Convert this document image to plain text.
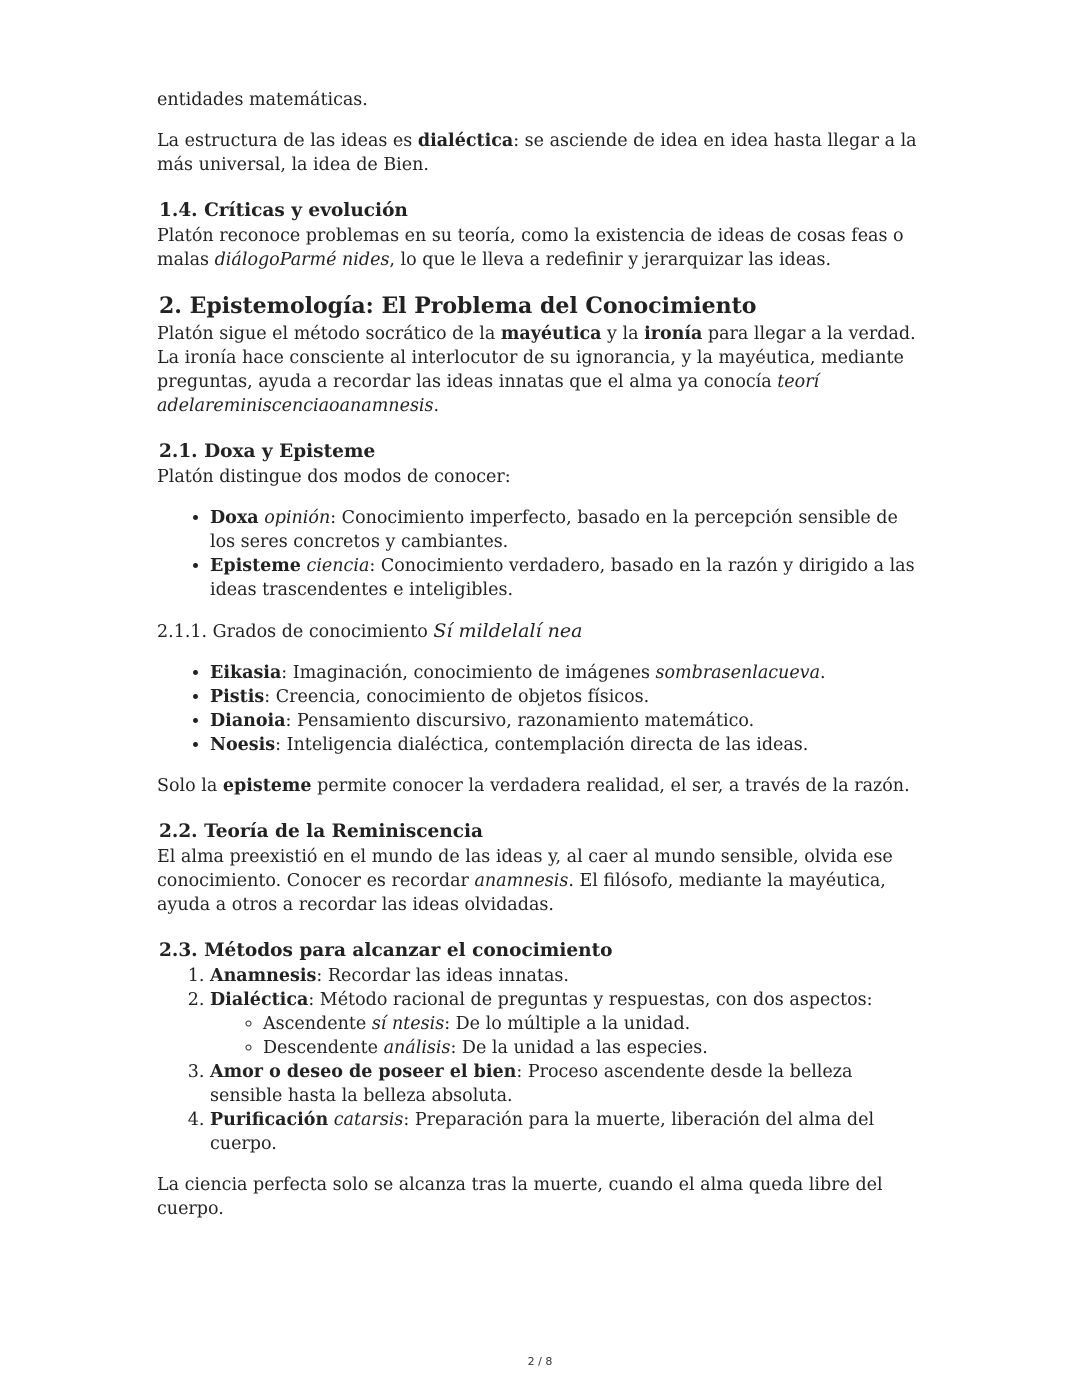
entidades matemáticas.

La estructura de las ideas es dialéctica: se asciende de idea en idea hasta llegar a la más universal, la idea de Bien.

1.4. Críticas y evolución

Platón reconoce problemas en su teoría, como la existencia de ideas de cosas feas o malas diálogoParmé nides, lo que le lleva a redefinir y jerarquizar las ideas.

2. Epistemología: El Problema del Conocimiento

Platón sigue el método socrático de la mayéutica y la ironía para llegar a la verdad. La ironía hace consciente al interlocutor de su ignorancia, y la mayéutica, mediante preguntas, ayuda a recordar las ideas innatas que el alma ya conocía teorí adelareminiscenciaoanamnesis.

2.1. Doxa y Episteme

Platón distingue dos modos de conocer:

• Doxa opinión: Conocimiento imperfecto, basado en la percepción sensible de los seres concretos y cambiantes.
• Episteme ciencia: Conocimiento verdadero, basado en la razón y dirigido a las ideas trascendentes e inteligibles.

2.1.1. Grados de conocimiento Sí mildelalí nea

• Eikasia: Imaginación, conocimiento de imágenes sombrasenlacueva.
• Pistis: Creencia, conocimiento de objetos físicos.
• Dianoia: Pensamiento discursivo, razonamiento matemático.
• Noesis: Inteligencia dialéctica, contemplación directa de las ideas.

Solo la episteme permite conocer la verdadera realidad, el ser, a través de la razón.

2.2. Teoría de la Reminiscencia

El alma preexistió en el mundo de las ideas y, al caer al mundo sensible, olvida ese conocimiento. Conocer es recordar anamnesis. El filósofo, mediante la mayéutica, ayuda a otros a recordar las ideas olvidadas.

2.3. Métodos para alcanzar el conocimiento
1. Anamnesis: Recordar las ideas innatas.
2. Dialéctica: Método racional de preguntas y respuestas, con dos aspectos:
◦ Ascendente sí ntesis: De lo múltiple a la unidad.
◦ Descendente análisis: De la unidad a las especies.
3. Amor o deseo de poseer el bien: Proceso ascendente desde la belleza sensible hasta la belleza absoluta.
4. Purificación catarsis: Preparación para la muerte, liberación del alma del cuerpo.

La ciencia perfecta solo se alcanza tras la muerte, cuando el alma queda libre del cuerpo.

2 / 8
